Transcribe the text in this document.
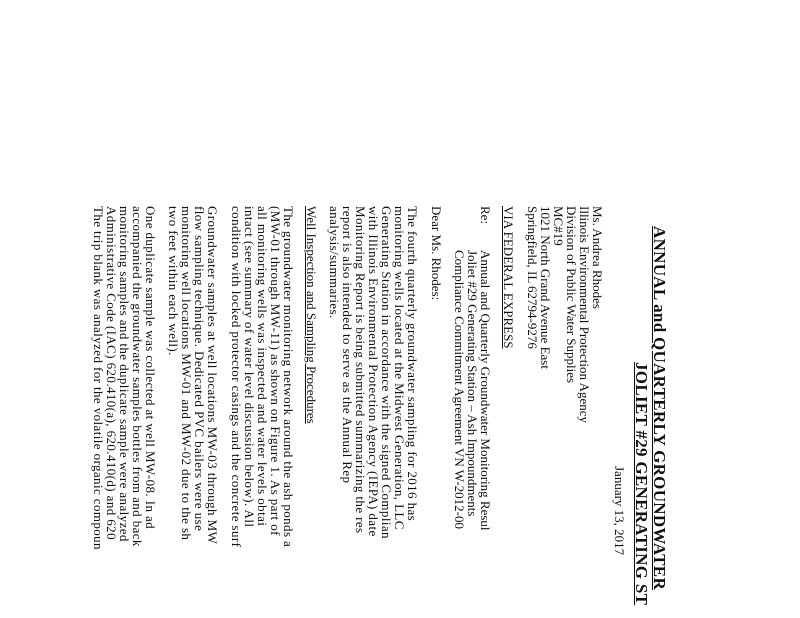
ANNUAL and QUARTERLY GROUNDWATER
JOLIET #29 GENERATING ST
January 13, 2017
Ms. Andrea Rhodes
Illinois Environmental Protection Agency
Division of Public Water Supplies
MC#19
1021 North Grand Avenue East
Springfield, IL 62794-9276
VIA FEDERAL EXPRESS
Re:
Annual and Quarterly Groundwater Monitoring Resul
Joliet #29 Generating Station – Ash Impoundments
Compliance Commitment Agreement VN W-2012-00
Dear Ms. Rhodes:
The fourth quarterly groundwater sampling for 2016 has
monitoring wells located at the Midwest Generation, LLC
Generating Station in accordance with the signed Complian
with Illinois Environmental Protection Agency (IEPA) date
Monitoring Report is being submitted summarizing the res
report is also intended to serve as the Annual Rep
analysis/summaries.
Well Inspection and Sampling Procedures
The groundwater monitoring network around the ash ponds a
(MW-01 through MW-11) as shown on Figure 1. As part of
all monitoring wells was inspected and water levels obtai
intact (see summary of water level discussion below). All
condition with locked protector casings and the concrete surf
Groundwater samples at well locations MW-03 through MW
flow sampling technique. Dedicated PVC bailers were use
monitoring well locations MW-01 and MW-02 due to the sh
two feet within each well).
One duplicate sample was collected at well MW-08. In ad
accompanied the groundwater samples bottles from and back
monitoring samples and the duplicate sample were analyzed
Administrative Code (IAC) 620.410(a), 620.410(d) and 620
The trip blank was analyzed for the volatile organic compoun
